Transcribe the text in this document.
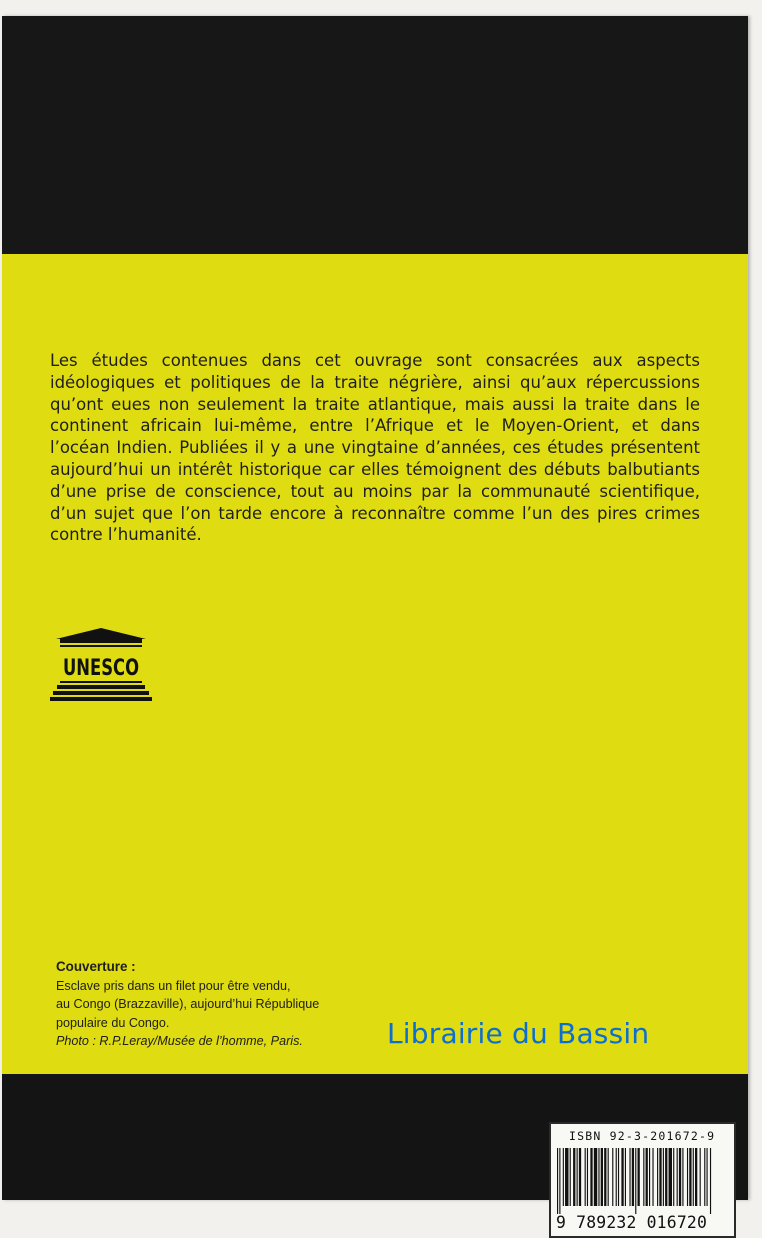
Les études contenues dans cet ouvrage sont consacrées aux aspects idéologiques et politiques de la traite négrière, ainsi qu’aux répercussions qu’ont eues non seulement la traite atlantique, mais aussi la traite dans le continent africain lui-même, entre l’Afrique et le Moyen-Orient, et dans l’océan Indien. Publiées il y a une vingtaine d’années, ces études présentent aujourd’hui un intérêt historique car elles témoignent des débuts balbutiants d’une prise de conscience, tout au moins par la communauté scientifique, d’un sujet que l’on tarde encore à reconnaître comme l’un des pires crimes contre l’humanité.

UNESCO
Couverture :
Esclave pris dans un filet pour être vendu,
au Congo (Brazzaville), aujourd’hui République
populaire du Congo.
Photo : R.P.Leray/Musée de l’homme, Paris.	Librairie du Bassin
ISBN 92-3-201672-9
9 789232 016720
